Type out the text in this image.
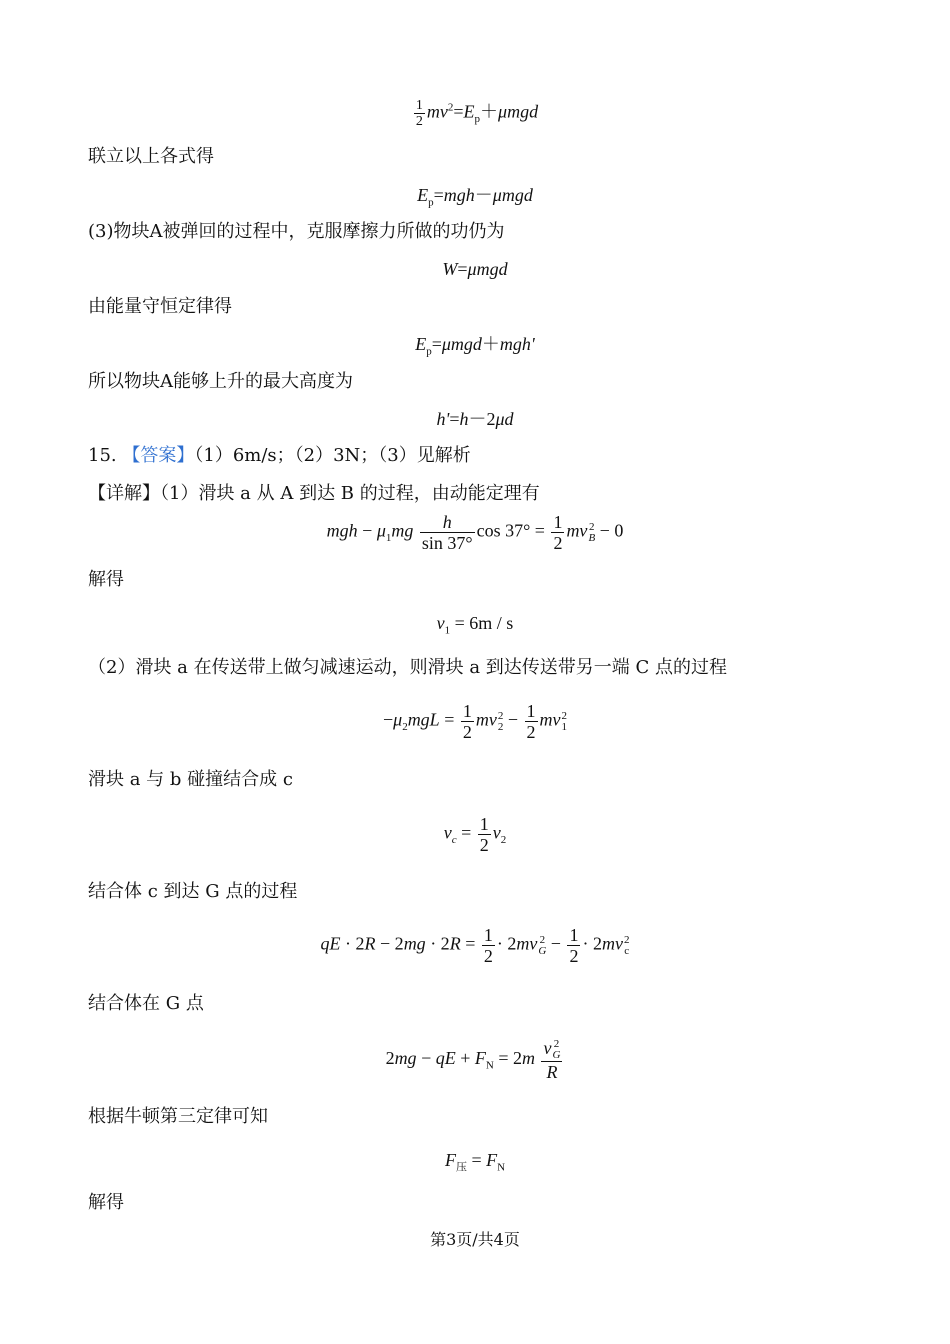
$\frac{1}{2} mv^2=E_p+\mu mgd$
联立以上各式得
$E_p=mgh-\mu mgd$
(3)物块A被弹回的过程中，克服摩擦力所做的功仍为
W=μmgd
由能量守恒定律得
$E_p=\mu mgd+mgh'$
所以物块A能够上升的最大高度为
h'=h－2μd
15. 【答案】（1）6m/s；（2）3N；（3）见解析
【详解】（1）滑块 a 从 A 到达 B 的过程，由动能定理有
mgh − $\mu_1mg \frac{h}{\sin 37^\circ}$ $\cos 37^\circ = \frac{1}{2}$ mv 2
B − 0
解得
$v_1 = 6m / s$
（2）滑块 a 在传送带上做匀减速运动，则滑块 a 到达传送带另一端 C 点的过程
$-\mu_2mgL = \frac{1}{2}$ mv 2
$2 - \frac{1}{2}$ mv 2
1
滑块 a 与 b 碰撞结合成 c
$v_c = \frac{1}{2} v_2$
结合体 c 到达 G 点的过程
qE · $2R - 2mg \cdot 2R = \frac{1}{2} \cdot 2mv$ 2
$G - \frac{1}{2} \cdot 2mv$ 2
c
结合体在 G 点
2mg − qE + $F_N = 2m$ v 2
G
R
根据牛顿第三定律可知
$F_压 = F_N$
解得
第3页/共4页
